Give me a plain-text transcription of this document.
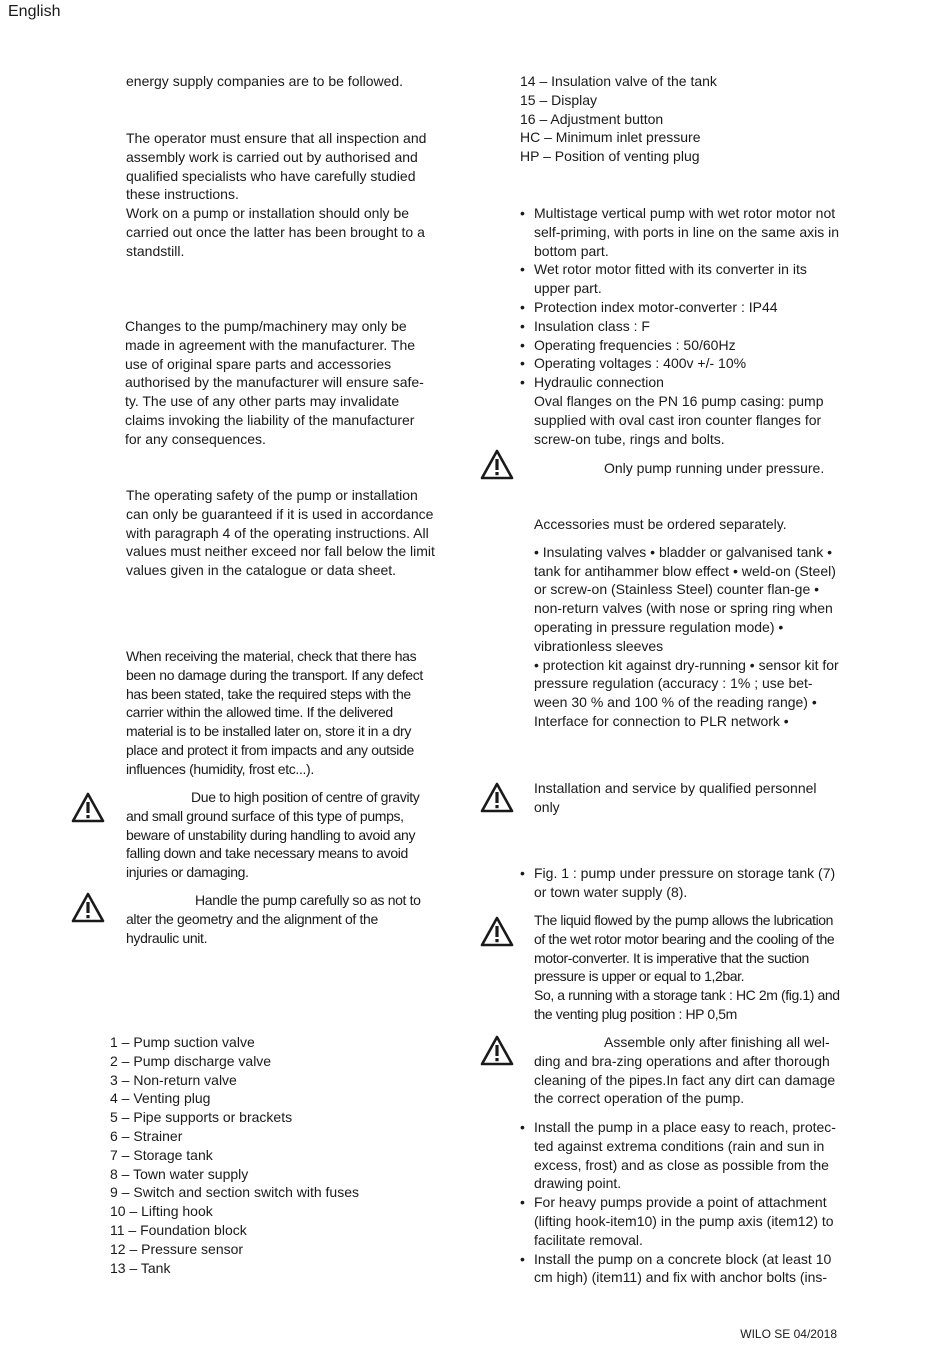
English

energy supply companies are to be followed.

The operator must ensure that all inspection and assembly work is carried out by authorised and qualified specialists who have carefully studied these instructions.

Work on a pump or installation should only be carried out once the latter has been brought to a standstill.

Changes to the pump/machinery may only be made in agreement with the manufacturer. The use of original spare parts and accessories authorised by the manufacturer will ensure safe-ty. The use of any other parts may invalidate claims invoking the liability of the manufacturer for any consequences.

The operating safety of the pump or installation can only be guaranteed if it is used in accordance with paragraph 4 of the operating instructions. All values must neither exceed nor fall below the limit values given in the catalogue or data sheet.

When receiving the material, check that there has been no damage during the transport. If any defect has been stated, take the required steps with the carrier within the allowed time. If the delivered material is to be installed later on, store it in a dry place and protect it from impacts and any outside influences (humidity, frost etc...).

Due to high position of centre of gravity and small ground surface of this type of pumps, beware of unstability during handling to avoid any falling down and take necessary means to avoid injuries or damaging.

Handle the pump carefully so as not to alter the geometry and the alignment of the hydraulic unit.

1 – Pump suction valve
2 – Pump discharge valve
3 – Non-return valve
4 – Venting plug
5 – Pipe supports or brackets
6 – Strainer
7 – Storage tank
8 – Town water supply
9 – Switch and section switch with fuses
10 – Lifting hook
11 – Foundation block
12 – Pressure sensor
13 – Tank
14 – Insulation valve of the tank
15 – Display
16 – Adjustment button
HC – Minimum inlet pressure
HP – Position of venting plug
• Multistage vertical pump with wet rotor motor not self-priming, with ports in line on the same axis in bottom part.
• Wet rotor motor fitted with its converter in its upper part.
• Protection index motor-converter : IP44
• Insulation class : F
• Operating frequencies : 50/60Hz
• Operating voltages : 400v +/- 10%
• Hydraulic connection

Oval flanges on the PN 16 pump casing: pump supplied with oval cast iron counter flanges for screw-on tube, rings and bolts.

Only pump running under pressure.

Accessories must be ordered separately.

• Insulating valves • bladder or galvanised tank • tank for antihammer blow effect • weld-on (Steel) or screw-on (Stainless Steel) counter flan-ge • non-return valves (with nose or spring ring when operating in pressure regulation mode) • vibrationless sleeves

• protection kit against dry-running • sensor kit for pressure regulation (accuracy : 1% ; use bet-ween 30 % and 100 % of the reading range) • Interface for connection to PLR network •

Installation and service by qualified personnel only

• Fig. 1 : pump under pressure on storage tank (7) or town water supply (8).

The liquid flowed by the pump allows the lubrication of the wet rotor motor bearing and the cooling of the motor-converter. It is imperative that the suction pressure is upper or equal to 1,2bar.

So, a running with a storage tank : HC 2m (fig.1) and the venting plug position : HP 0,5m

Assemble only after finishing all wel-ding and bra-zing operations and after thorough cleaning of the pipes.In fact any dirt can damage the correct operation of the pump.

• Install the pump in a place easy to reach, protec-ted against extrema conditions (rain and sun in excess, frost) and as close as possible from the drawing point.
• For heavy pumps provide a point of attachment (lifting hook-item10) in the pump axis (item12) to facilitate removal.
• Install the pump on a concrete block (at least 10 cm high) (item11) and fix with anchor bolts (ins-
WILO SE 04/2018
